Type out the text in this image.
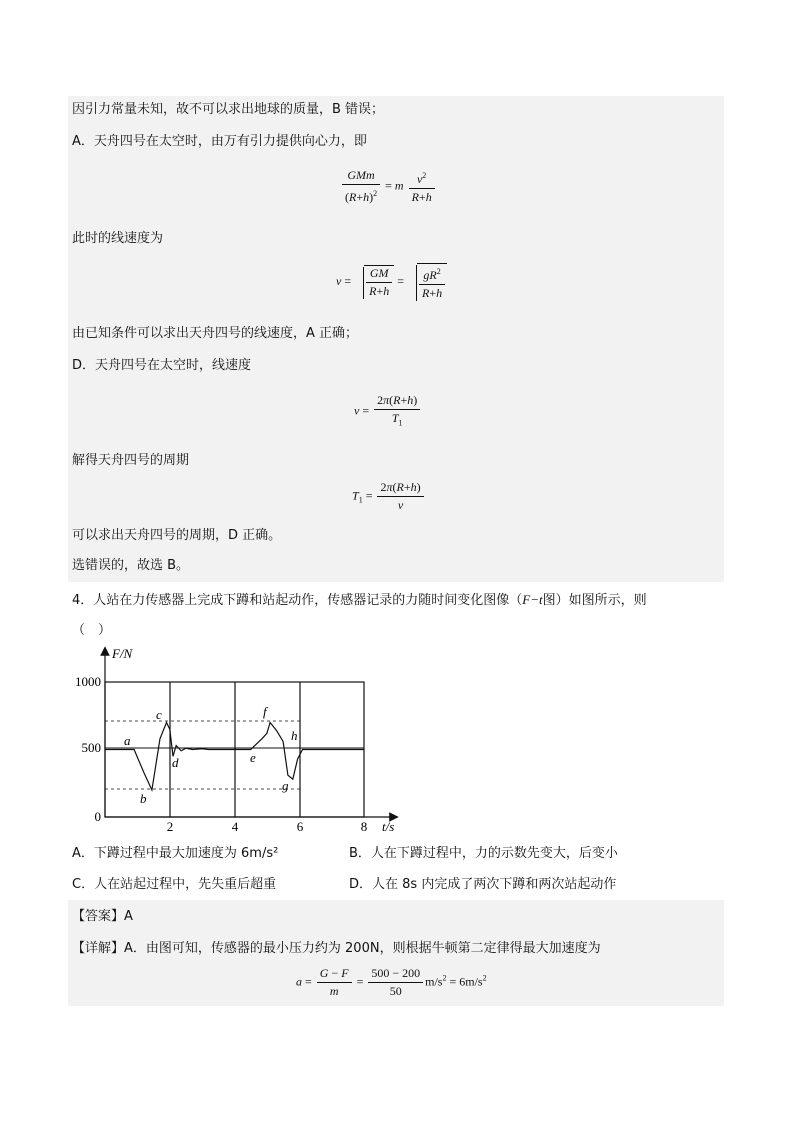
因引力常量未知，故不可以求出地球的质量，B 错误；
A．天舟四号在太空时，由万有引力提供向心力，即
$\frac{\text{GMm}}{(R+h)^2} = m \frac{v^2}{R+h}$
此时的线速度为
$v = \frac{GM}{R+h} = \frac{gR^2}{R+h}$
由已知条件可以求出天舟四号的线速度，A 正确；
D．天舟四号在太空时，线速度
$v = \frac{2\pi(R+h)}{T_1}$
解得天舟四号的周期
$T_1 = \frac{2\pi(R+h)}{v}$
可以求出天舟四号的周期，D 正确。
选错误的，故选 B。
4．人站在力传感器上完成下蹲和站起动作，传感器记录的力随时间变化图像（F−t图）如图所示，则
（　）
1000
500
0
2	4	6	8
F/N
t/s
a
b
c
d	e
f
g
h
A．下蹲过程中最大加速度为 6m/s²	B．人在下蹲过程中，力的示数先变大，后变小
C．人在站起过程中，先失重后超重	D．人在 8s 内完成了两次下蹲和两次站起动作
【答案】A
【详解】A．由图可知，传感器的最小压力约为 200N，则根据牛顿第二定律得最大加速度为
$a = \frac{G - F}{m} = \frac{500 - 200}{50} m/s^2 = 6m/s^2$
